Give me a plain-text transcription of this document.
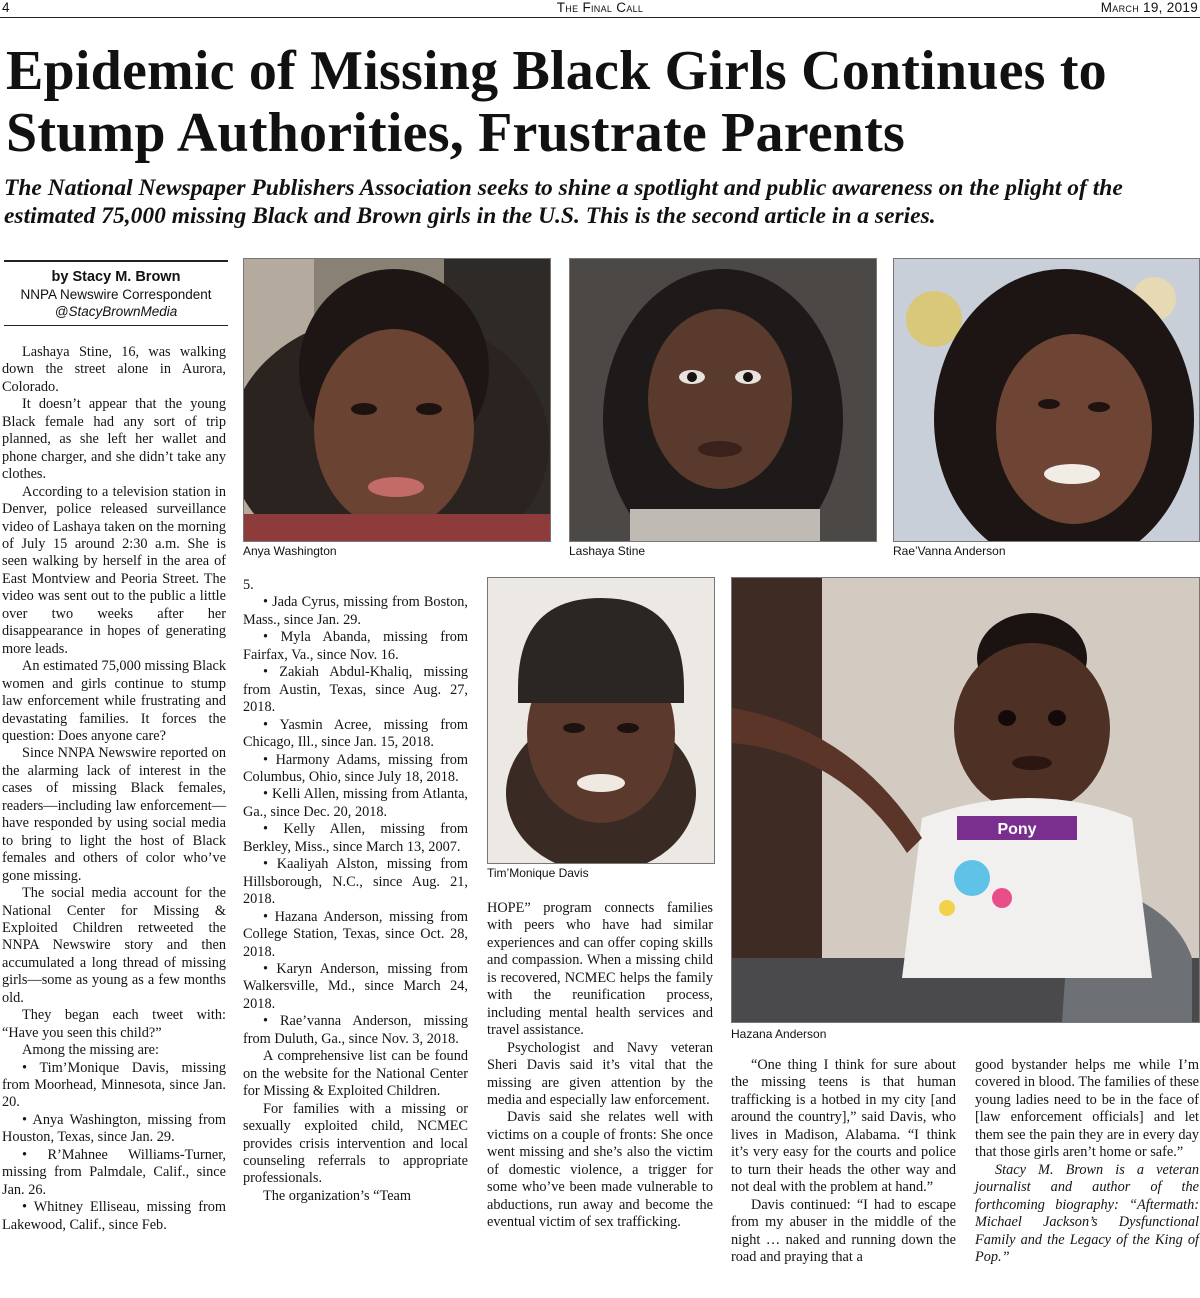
4	The Final Call	March 19, 2019
Epidemic of Missing Black Girls Continues to Stump Authorities, Frustrate Parents
The National Newspaper Publishers Association seeks to shine a spotlight and public awareness on the plight of the estimated 75,000 missing Black and Brown girls in the U.S. This is the second article in a series.
by Stacy M. Brown
NNPA Newswire Correspondent
@StacyBrownMedia

Lashaya Stine, 16, was walking down the street alone in Aurora, Colorado.

It doesn’t appear that the young Black female had any sort of trip planned, as she left her wallet and phone charger, and she didn’t take any clothes.

According to a television station in Denver, police released surveillance video of Lashaya taken on the morning of July 15 around 2:30 a.m. She is seen walking by herself in the area of East Montview and Peoria Street. The video was sent out to the public a little over two weeks after her disappearance in hopes of generating more leads.

An estimated 75,000 missing Black women and girls continue to stump law enforcement while frustrating and devastating families. It forces the question: Does anyone care?

Since NNPA Newswire reported on the alarming lack of interest in the cases of missing Black females, readers—including law enforcement—have responded by using social media to bring to light the host of Black females and others of color who’ve gone missing.

The social media account for the National Center for Missing & Exploited Children retweeted the NNPA Newswire story and then accumulated a long thread of missing girls—some as young as a few months old.

They began each tweet with: “Have you seen this child?”

Among the missing are:

• Tim’Monique Davis, missing from Moorhead, Minnesota, since Jan. 20.

• Anya Washington, missing from Houston, Texas, since Jan. 29.

• R’Mahnee Williams-Turner, missing from Palmdale, Calif., since Jan. 26.

• Whitney Elliseau, missing from Lakewood, Calif., since Feb.

Anya Washington	Lashaya Stine	Rae’Vanna Anderson

5.

• Jada Cyrus, missing from Boston, Mass., since Jan. 29.

• Myla Abanda, missing from Fairfax, Va., since Nov. 16.

• Zakiah Abdul-Khaliq, missing from Austin, Texas, since Aug. 27, 2018.

• Yasmin Acree, missing from Chicago, Ill., since Jan. 15, 2018.

• Harmony Adams, missing from Columbus, Ohio, since July 18, 2018.

• Kelli Allen, missing from Atlanta, Ga., since Dec. 20, 2018.

• Kelly Allen, missing from Berkley, Miss., since March 13, 2007.

• Kaaliyah Alston, missing from Hillsborough, N.C., since Aug. 21, 2018.

• Hazana Anderson, missing from College Station, Texas, since Oct. 28, 2018.

• Karyn Anderson, missing from Walkersville, Md., since March 24, 2018.

• Rae’vanna Anderson, missing from Duluth, Ga., since Nov. 3, 2018.

A comprehensive list can be found on the website for the National Center for Missing & Exploited Children.

For families with a missing or sexually exploited child, NCMEC provides crisis intervention and local counseling referrals to appropriate professionals.

The organization’s “Team

Tim’Monique Davis
Pony
Hazana Anderson

HOPE” program connects families with peers who have had similar experiences and can offer coping skills and compassion. When a missing child is recovered, NCMEC helps the family with the reunification process, including mental health services and travel assistance.

Psychologist and Navy veteran Sheri Davis said it’s vital that the missing are given attention by the media and especially law enforcement.

Davis said she relates well with victims on a couple of fronts: She once went missing and she’s also the victim of domestic violence, a trigger for some who’ve been made vulnerable to abductions, run away and become the eventual victim of sex trafficking.

“One thing I think for sure about the missing teens is that human trafficking is a hotbed in my city [and around the country],” said Davis, who lives in Madison, Alabama. “I think it’s very easy for the courts and police to turn their heads the other way and not deal with the problem at hand.”

Davis continued: “I had to escape from my abuser in the middle of the night … naked and running down the road and praying that a

good bystander helps me while I’m covered in blood. The families of these young ladies need to be in the face of [law enforcement officials] and let them see the pain they are in every day that those girls aren’t home or safe.”

Stacy M. Brown is a veteran journalist and author of the forthcoming biography: “Aftermath: Michael Jackson’s Dysfunctional Family and the Legacy of the King of Pop.”
